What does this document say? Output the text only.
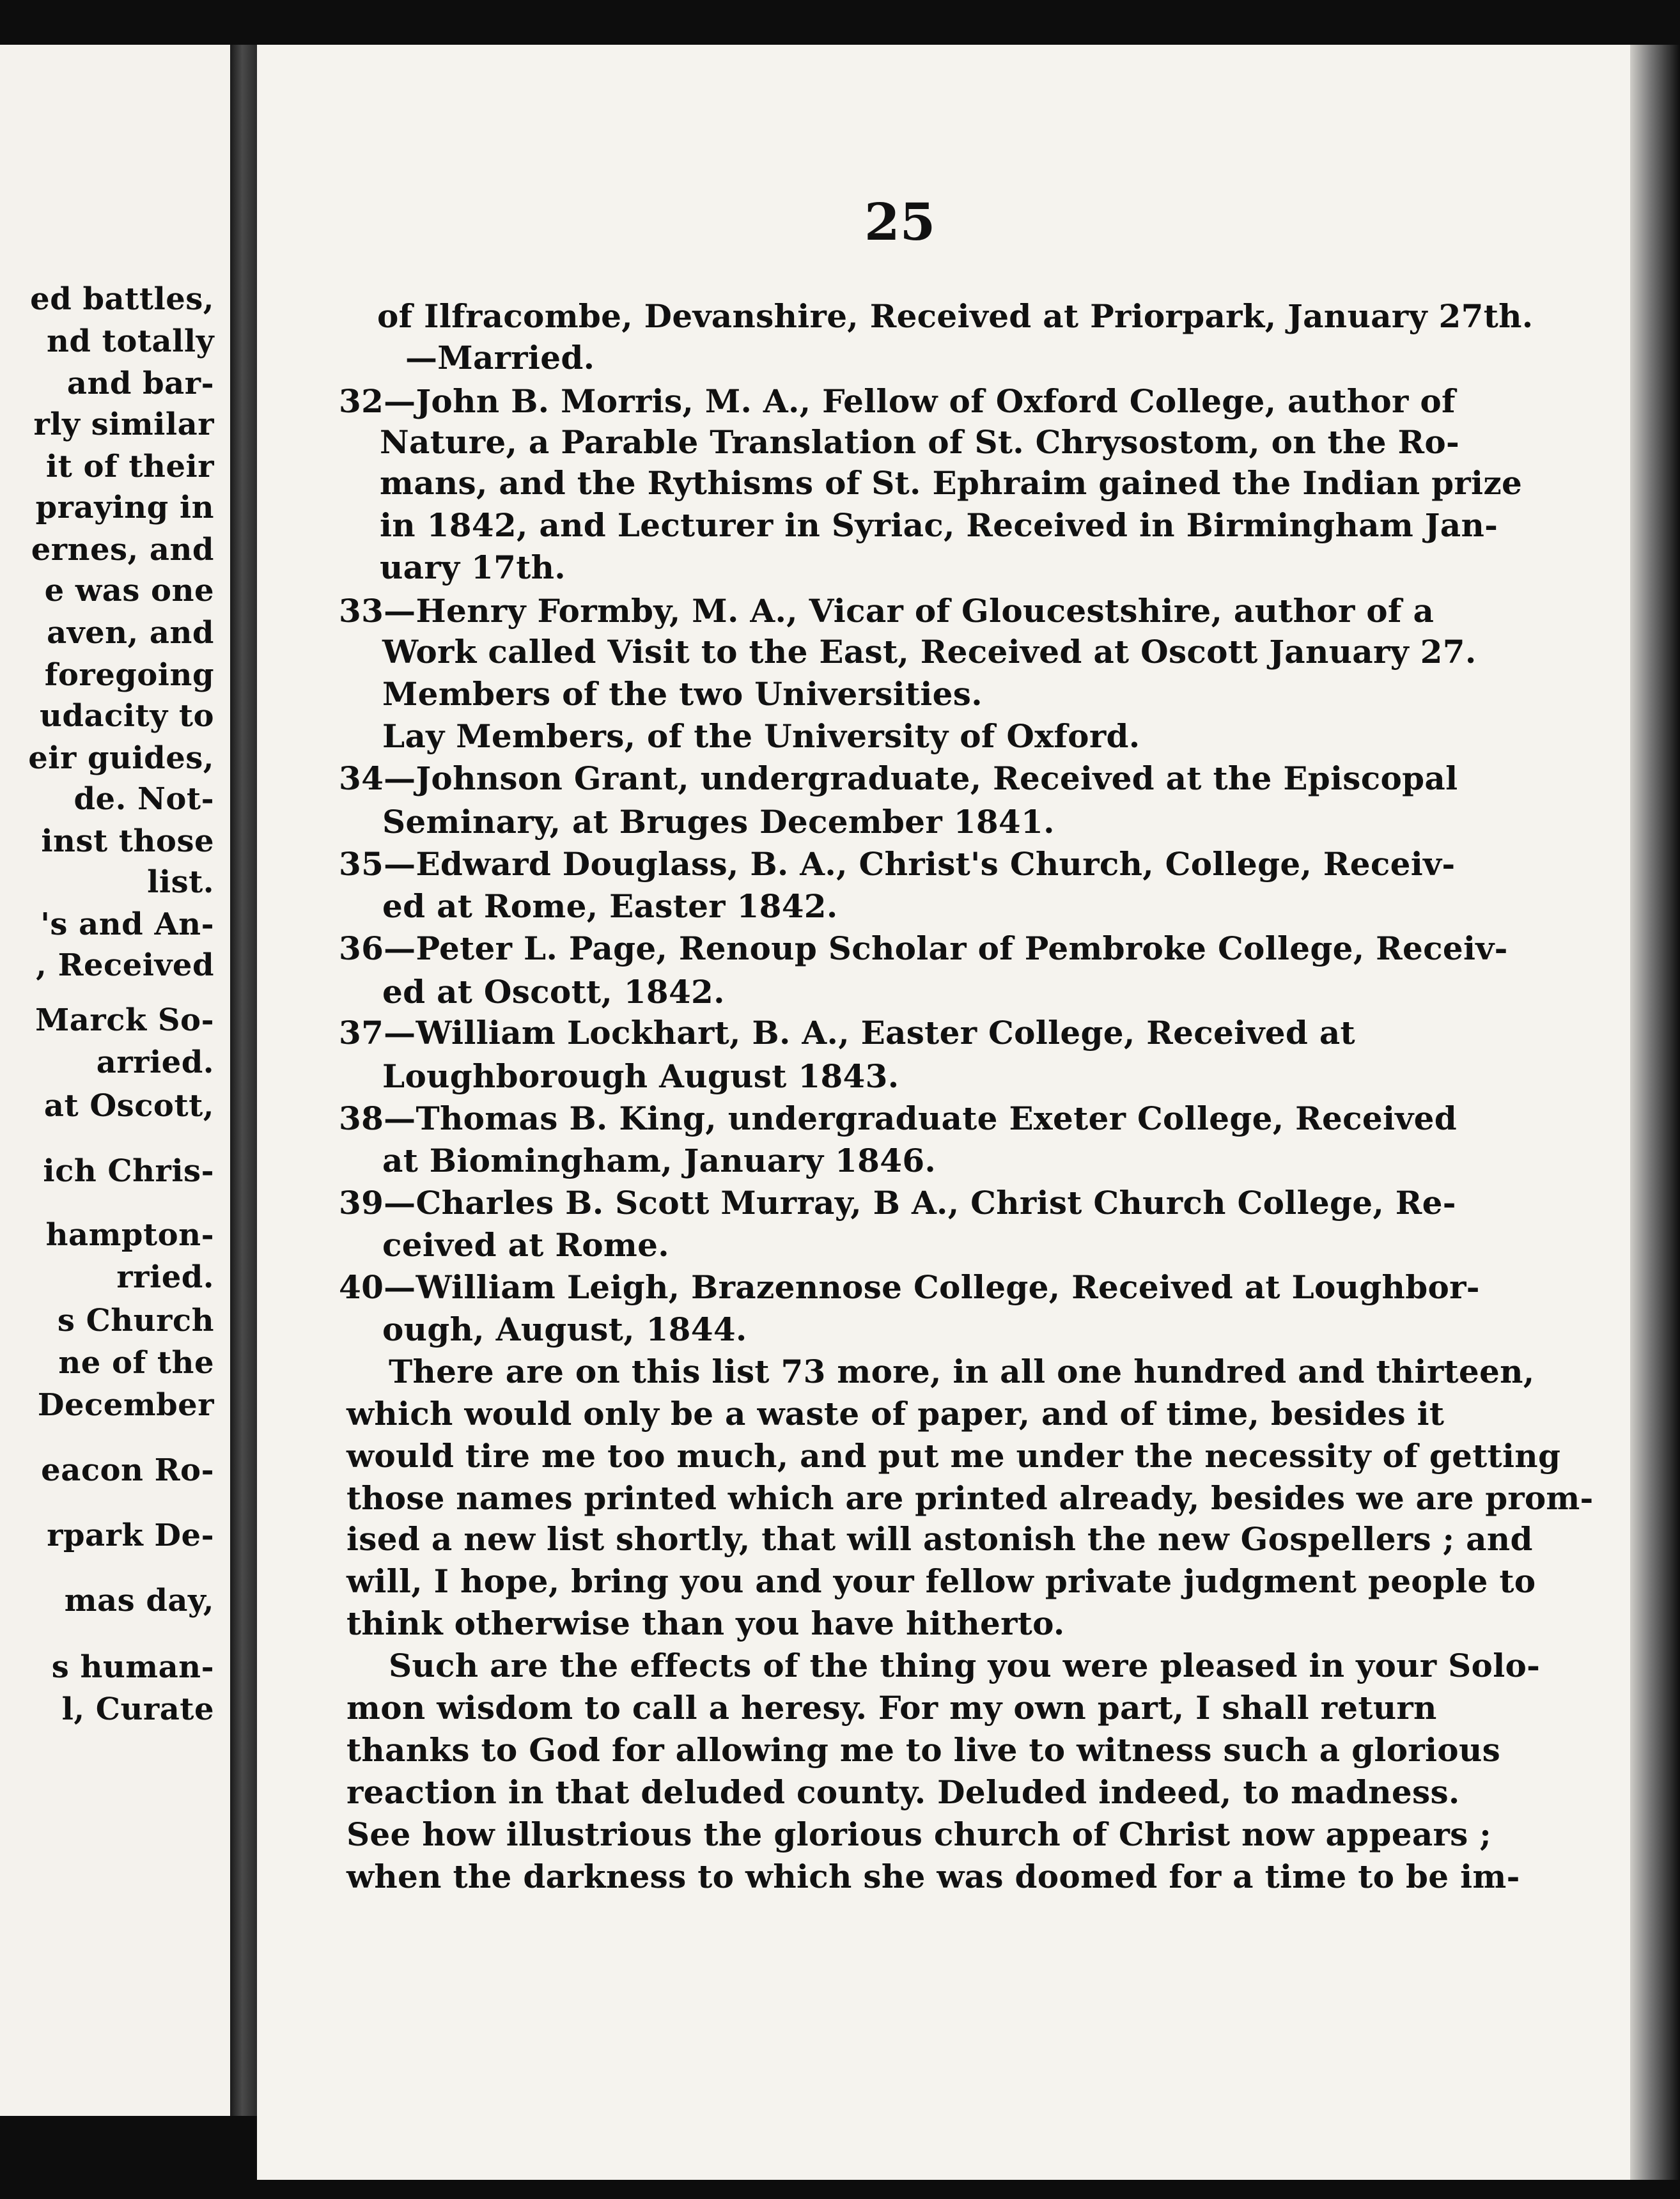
ed battles,
nd totally
and bar-
rly similar
it of their
praying in
ernes, and
e was one
aven, and
foregoing
udacity to
eir guides,
de. Not-
inst those
list.
's and An-
, Received
Marck So-
arried.
at Oscott,
ich Chris-
hampton-
rried.
s Church
ne of the
December
eacon Ro-
rpark De-
mas day,
s human-
l, Curate
25
of Ilfracombe, Devanshire, Received at Priorpark, January 27th.
—Married.
32—John B. Morris, M. A., Fellow of Oxford College, author of
Nature, a Parable Translation of St. Chrysostom, on the Ro-
mans, and the Rythisms of St. Ephraim gained the Indian prize
in 1842, and Lecturer in Syriac, Received in Birmingham Jan-
uary 17th.
33—Henry Formby, M. A., Vicar of Gloucestshire, author of a
Work called Visit to the East, Received at Oscott January 27.
Members of the two Universities.
Lay Members, of the University of Oxford.
34—Johnson Grant, undergraduate, Received at the Episcopal
Seminary, at Bruges December 1841.
35—Edward Douglass, B. A., Christ's Church, College, Receiv-
ed at Rome, Easter 1842.
36—Peter L. Page, Renoup Scholar of Pembroke College, Receiv-
ed at Oscott, 1842.
37—William Lockhart, B. A., Easter College, Received at
Loughborough August 1843.
38—Thomas B. King, undergraduate Exeter College, Received
at Biomingham, January 1846.
39—Charles B. Scott Murray, B A., Christ Church College, Re-
ceived at Rome.
40—William Leigh, Brazennose College, Received at Loughbor-
ough, August, 1844.
There are on this list 73 more, in all one hundred and thirteen,
which would only be a waste of paper, and of time, besides it
would tire me too much, and put me under the necessity of getting
those names printed which are printed already, besides we are prom-
ised a new list shortly, that will astonish the new Gospellers ; and
will, I hope, bring you and your fellow private judgment people to
think otherwise than you have hitherto.
Such are the effects of the thing you were pleased in your Solo-
mon wisdom to call a heresy. For my own part, I shall return
thanks to God for allowing me to live to witness such a glorious
reaction in that deluded county. Deluded indeed, to madness.
See how illustrious the glorious church of Christ now appears ;
when the darkness to which she was doomed for a time to be im-
